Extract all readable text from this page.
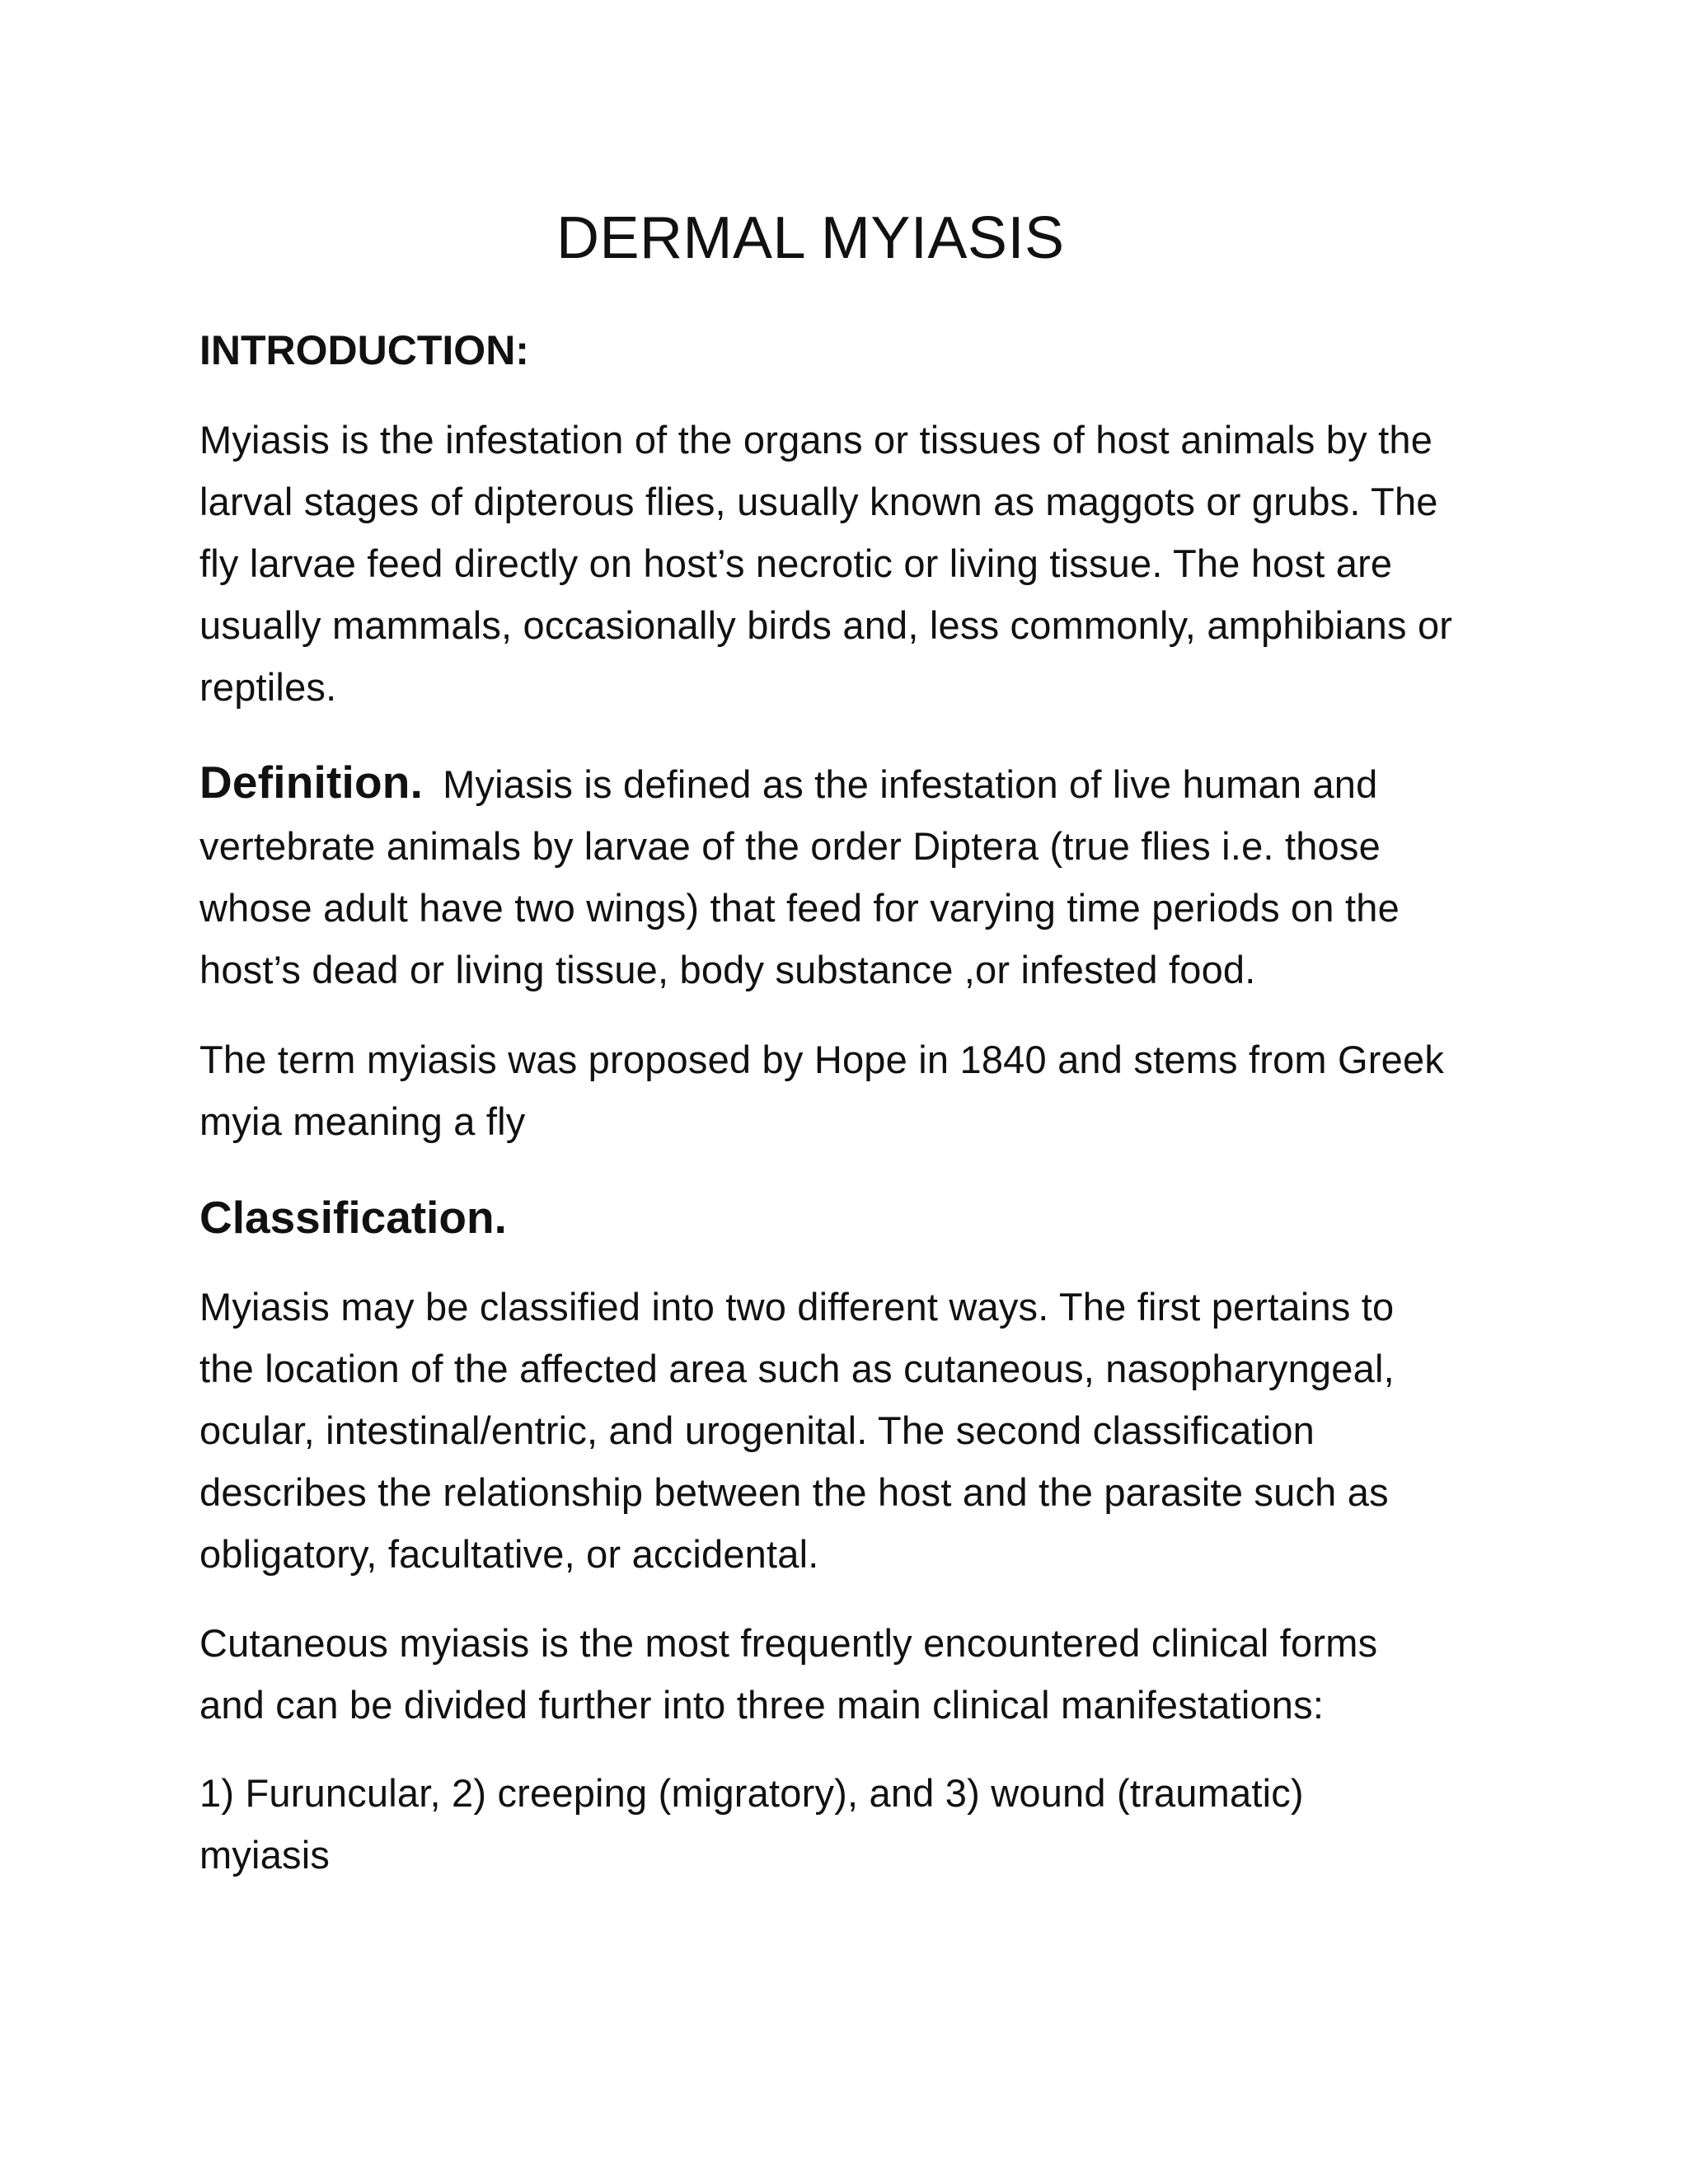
DERMAL MYIASIS
INTRODUCTION:
Myiasis is the infestation of the organs or tissues of host animals by the
larval stages of dipterous flies, usually known as maggots or grubs. The
fly larvae feed directly on host’s necrotic or living tissue. The host are
usually mammals, occasionally birds and, less commonly, amphibians or
reptiles.
Definition. Myiasis is defined as the infestation of live human and
vertebrate animals by larvae of the order Diptera (true flies i.e. those
whose adult have two wings) that feed for varying time periods on the
host’s dead or living tissue, body substance ,or infested food.
The term myiasis was proposed by Hope in 1840 and stems from Greek
myia meaning a fly
Classification.
Myiasis may be classified into two different ways. The first pertains to
the location of the affected area such as cutaneous, nasopharyngeal,
ocular, intestinal/entric, and urogenital. The second classification
describes the relationship between the host and the parasite such as
obligatory, facultative, or accidental.
Cutaneous myiasis is the most frequently encountered clinical forms
and can be divided further into three main clinical manifestations:
1) Furuncular, 2) creeping (migratory), and 3) wound (traumatic)
myiasis
